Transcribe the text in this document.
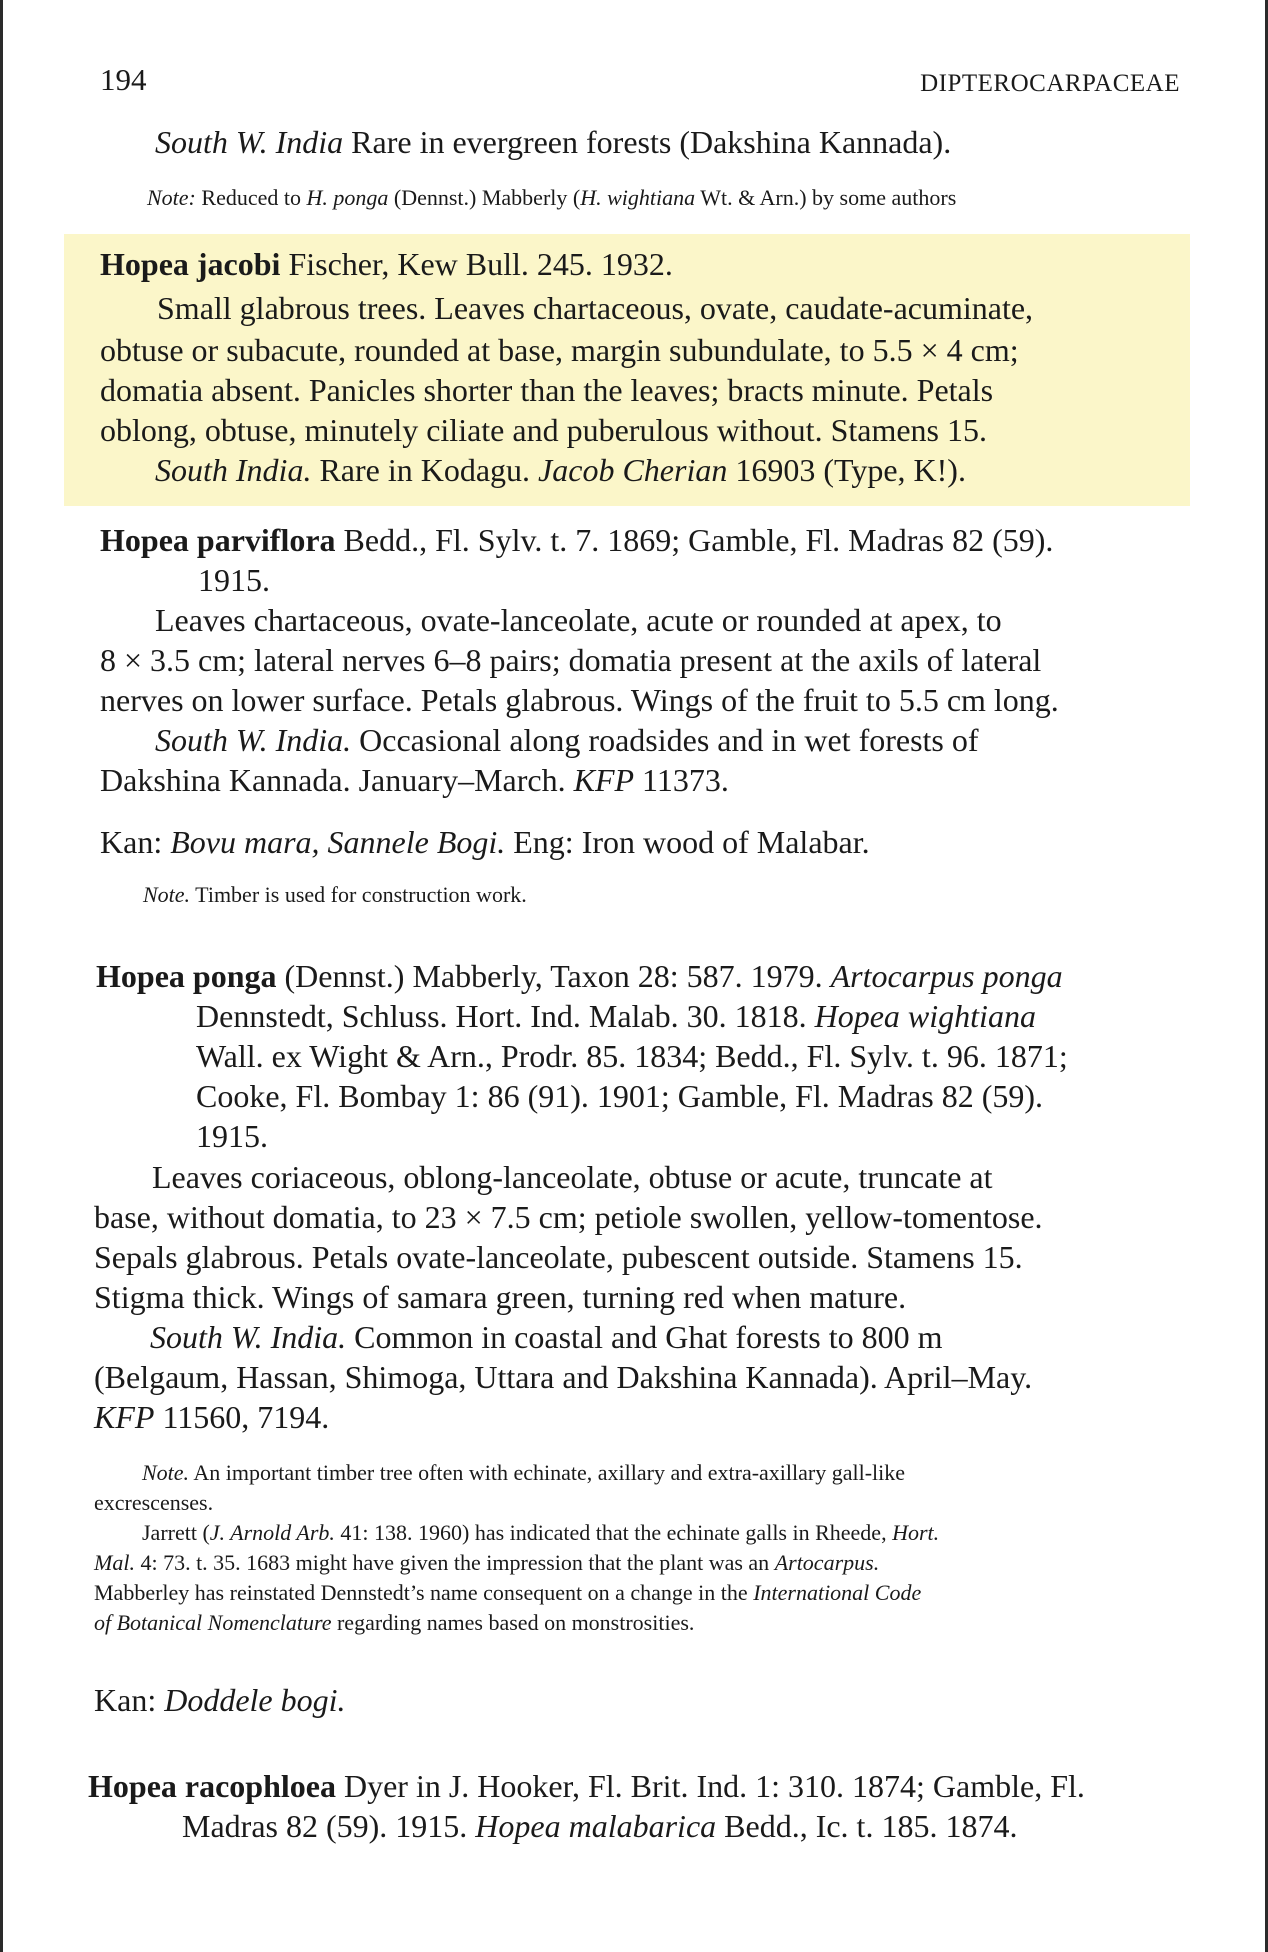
194	DIPTEROCARPACEAE
South W. India Rare in evergreen forests (Dakshina Kannada).
Note: Reduced to H. ponga (Dennst.) Mabberly (H. wightiana Wt. & Arn.) by some authors
Hopea jacobi Fischer, Kew Bull. 245. 1932.
Small glabrous trees. Leaves chartaceous, ovate, caudate-acuminate,
obtuse or subacute, rounded at base, margin subundulate, to 5.5 × 4 cm;
domatia absent. Panicles shorter than the leaves; bracts minute. Petals
oblong, obtuse, minutely ciliate and puberulous without. Stamens 15.
South India. Rare in Kodagu. Jacob Cherian 16903 (Type, K!).
Hopea parviflora Bedd., Fl. Sylv. t. 7. 1869; Gamble, Fl. Madras 82 (59).
1915.
Leaves chartaceous, ovate-lanceolate, acute or rounded at apex, to
8 × 3.5 cm; lateral nerves 6–8 pairs; domatia present at the axils of lateral
nerves on lower surface. Petals glabrous. Wings of the fruit to 5.5 cm long.
South W. India. Occasional along roadsides and in wet forests of
Dakshina Kannada. January–March. KFP 11373.
Kan: Bovu mara, Sannele Bogi. Eng: Iron wood of Malabar.
Note. Timber is used for construction work.
Hopea ponga (Dennst.) Mabberly, Taxon 28: 587. 1979. Artocarpus ponga
Dennstedt, Schluss. Hort. Ind. Malab. 30. 1818. Hopea wightiana
Wall. ex Wight & Arn., Prodr. 85. 1834; Bedd., Fl. Sylv. t. 96. 1871;
Cooke, Fl. Bombay 1: 86 (91). 1901; Gamble, Fl. Madras 82 (59).
1915.
Leaves coriaceous, oblong-lanceolate, obtuse or acute, truncate at
base, without domatia, to 23 × 7.5 cm; petiole swollen, yellow-tomentose.
Sepals glabrous. Petals ovate-lanceolate, pubescent outside. Stamens 15.
Stigma thick. Wings of samara green, turning red when mature.
South W. India. Common in coastal and Ghat forests to 800 m
(Belgaum, Hassan, Shimoga, Uttara and Dakshina Kannada). April–May.
KFP 11560, 7194.
Note. An important timber tree often with echinate, axillary and extra-axillary gall-like
excrescenses.
Jarrett (J. Arnold Arb. 41: 138. 1960) has indicated that the echinate galls in Rheede, Hort.
Mal. 4: 73. t. 35. 1683 might have given the impression that the plant was an Artocarpus.
Mabberley has reinstated Dennstedt’s name consequent on a change in the International Code
of Botanical Nomenclature regarding names based on monstrosities.
Kan: Doddele bogi.
Hopea racophloea Dyer in J. Hooker, Fl. Brit. Ind. 1: 310. 1874; Gamble, Fl.
Madras 82 (59). 1915. Hopea malabarica Bedd., Ic. t. 185. 1874.
